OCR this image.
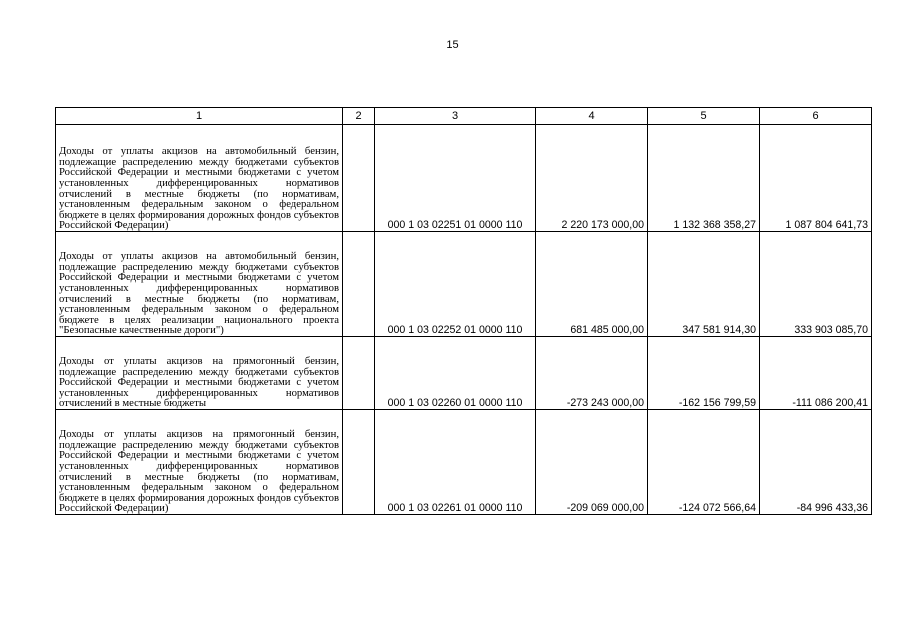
15
1	2	3	4	5	6
Доходы от уплаты акцизов на автомобильный бензин, подлежащие распределению между бюджетами субъектов Российской Федерации и местными бюджетами с учетом установленных дифференцированных нормативов отчислений в местные бюджеты (по нормативам, установленным федеральным законом о федеральном бюджете в целях формирования дорожных фондов субъектов Российской Федерации)		000 1 03 02251 01 0000 110	2 220 173 000,00	1 132 368 358,27	1 087 804 641,73
Доходы от уплаты акцизов на автомобильный бензин, подлежащие распределению между бюджетами субъектов Российской Федерации и местными бюджетами с учетом установленных дифференцированных нормативов отчислений в местные бюджеты (по нормативам, установленным федеральным законом о федеральном бюджете в целях реализации национального проекта "Безопасные качественные дороги")		000 1 03 02252 01 0000 110	681 485 000,00	347 581 914,30	333 903 085,70
Доходы от уплаты акцизов на прямогонный бензин, подлежащие распределению между бюджетами субъектов Российской Федерации и местными бюджетами с учетом установленных дифференцированных нормативов отчислений в местные бюджеты		000 1 03 02260 01 0000 110	-273 243 000,00	-162 156 799,59	-111 086 200,41
Доходы от уплаты акцизов на прямогонный бензин, подлежащие распределению между бюджетами субъектов Российской Федерации и местными бюджетами с учетом установленных дифференцированных нормативов отчислений в местные бюджеты (по нормативам, установленным федеральным законом о федеральном бюджете в целях формирования дорожных фондов субъектов Российской Федерации)		000 1 03 02261 01 0000 110	-209 069 000,00	-124 072 566,64	-84 996 433,36
